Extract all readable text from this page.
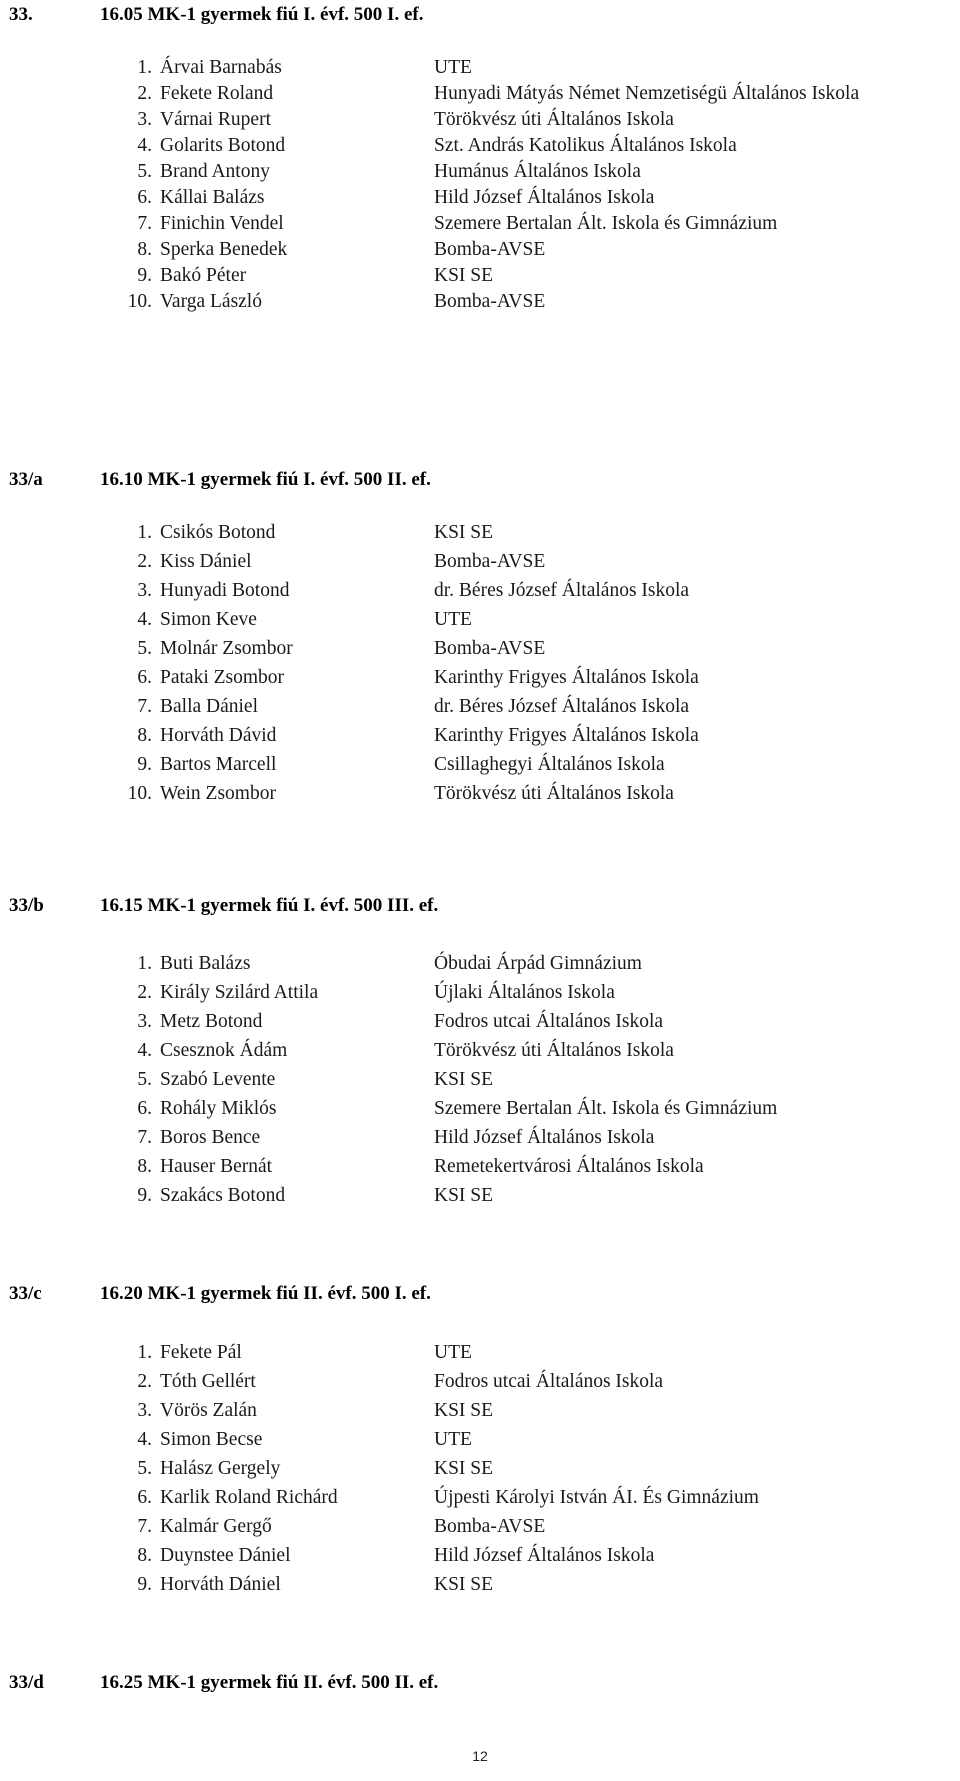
33.	16.05 MK-1 gyermek fiú I. évf. 500 I. ef.
1. Árvai Barnabás	UTE
2. Fekete Roland	Hunyadi Mátyás Német Nemzetiségü Általános Iskola
3. Várnai Rupert	Törökvész úti Általános Iskola
4. Golarits Botond	Szt. András Katolikus Általános Iskola
5. Brand Antony	Humánus Általános Iskola
6. Kállai Balázs	Hild József Általános Iskola
7. Finichin Vendel	Szemere Bertalan Ált. Iskola és Gimnázium
8. Sperka Benedek	Bomba-AVSE
9. Bakó Péter	KSI SE
10. Varga László	Bomba-AVSE
33/a	16.10 MK-1 gyermek fiú I. évf. 500 II. ef.
1. Csikós Botond	KSI SE
2. Kiss Dániel	Bomba-AVSE
3. Hunyadi Botond	dr. Béres József Általános Iskola
4. Simon Keve	UTE
5. Molnár Zsombor	Bomba-AVSE
6. Pataki Zsombor	Karinthy Frigyes Általános Iskola
7. Balla Dániel	dr. Béres József Általános Iskola
8. Horváth Dávid	Karinthy Frigyes Általános Iskola
9. Bartos Marcell	Csillaghegyi Általános Iskola
10. Wein Zsombor	Törökvész úti Általános Iskola
33/b	16.15 MK-1 gyermek fiú I. évf. 500 III. ef.
1. Buti Balázs	Óbudai Árpád Gimnázium
2. Király Szilárd Attila	Újlaki Általános Iskola
3. Metz Botond	Fodros utcai Általános Iskola
4. Csesznok Ádám	Törökvész úti Általános Iskola
5. Szabó Levente	KSI SE
6. Rohály Miklós	Szemere Bertalan Ált. Iskola és Gimnázium
7. Boros Bence	Hild József Általános Iskola
8. Hauser Bernát	Remetekertvárosi Általános Iskola
9. Szakács Botond	KSI SE
33/c	16.20 MK-1 gyermek fiú II. évf. 500 I. ef.
1. Fekete Pál	UTE
2. Tóth Gellért	Fodros utcai Általános Iskola
3. Vörös Zalán	KSI SE
4. Simon Becse	UTE
5. Halász Gergely	KSI SE
6. Karlik Roland Richárd	Újpesti Károlyi István ÁI. És Gimnázium
7. Kalmár Gergő	Bomba-AVSE
8. Duynstee Dániel	Hild József Általános Iskola
9. Horváth Dániel	KSI SE
33/d	16.25 MK-1 gyermek fiú II. évf. 500 II. ef.
12
